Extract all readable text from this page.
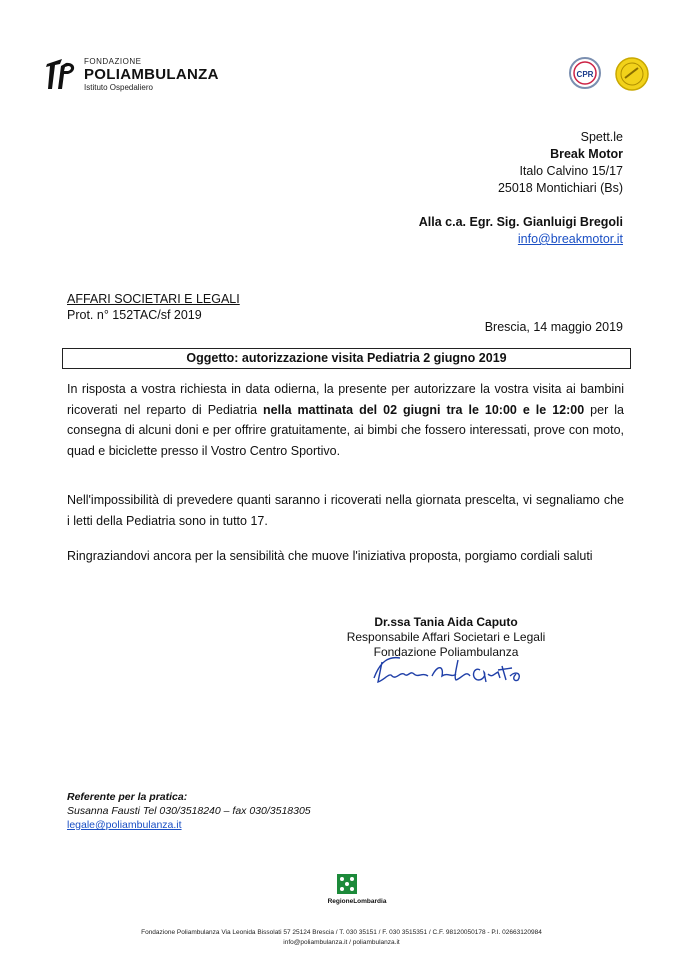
FONDAZIONE
POLIAMBULANZA
Istituto Ospedaliero
CPR
Spett.le
Break Motor
Italo Calvino 15/17
25018 Montichiari (Bs)
Alla c.a. Egr. Sig. Gianluigi Bregoli
info@breakmotor.it
AFFARI SOCIETARI E LEGALI
Prot. n° 152TAC/sf 2019
Brescia, 14 maggio 2019
Oggetto: autorizzazione visita Pediatria 2 giugno 2019
In risposta a vostra richiesta in data odierna, la presente per autorizzare la vostra visita ai bambini ricoverati nel reparto di Pediatria nella mattinata del 02 giugni tra le 10:00 e le 12:00 per la consegna di alcuni doni e per offrire gratuitamente, ai bimbi che fossero interessati, prove con moto, quad e biciclette presso il Vostro Centro Sportivo.
Nell'impossibilità di prevedere quanti saranno i ricoverati nella giornata prescelta, vi segnaliamo che i letti della Pediatria sono in tutto 17.
Ringraziandovi ancora per la sensibilità che muove l'iniziativa proposta, porgiamo cordiali saluti
Dr.ssa Tania Aida Caputo
Responsabile Affari Societari e Legali
Fondazione Poliambulanza
Referente per la pratica:
Susanna Fausti Tel 030/3518240 – fax 030/3518305
legale@poliambulanza.it
RegioneLombardia
Fondazione Poliambulanza Via Leonida Bissolati 57 25124 Brescia / T. 030 35151 / F. 030 3515351 / C.F. 98120050178 - P.I. 02663120984
info@poliambulanza.it / poliambulanza.it
